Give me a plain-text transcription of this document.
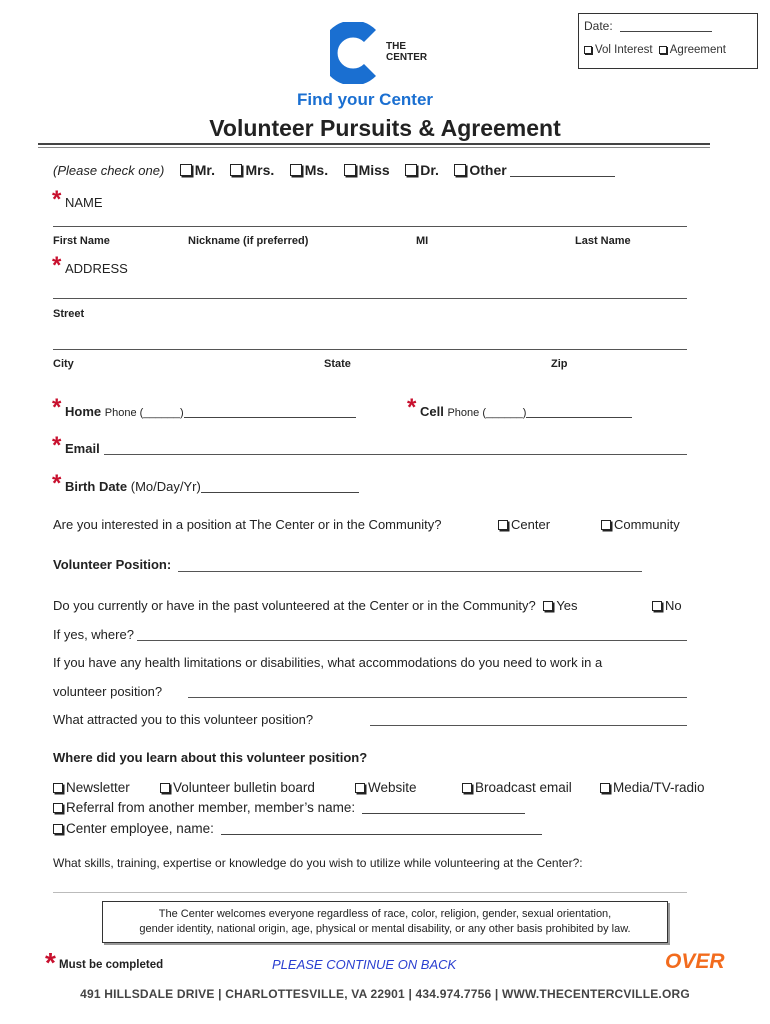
Date:
Vol Interest Agreement
THE
CENTER
Find your Center
Volunteer Pursuits & Agreement
(Please check one) Mr. Mrs. Ms. Miss Dr. Other
* NAME
First Name	Nickname (if preferred)	MI	Last Name
* ADDRESS
Street
City	State	Zip
* Home Phone (______)	* Cell Phone (______)
* Email
* Birth Date (Mo/Day/Yr)
Are you interested in a position at The Center or in the Community?	Center	Community
Volunteer Position:
Do you currently or have in the past volunteered at the Center or in the Community? Yes	No
If yes, where?
If you have any health limitations or disabilities, what accommodations do you need to work in a
volunteer position?
What attracted you to this volunteer position?
Where did you learn about this volunteer position?
Newsletter	Volunteer bulletin board	Website	Broadcast email	Media/TV-radio
Referral from another member, member’s name:
Center employee, name:
What skills, training, expertise or knowledge do you wish to utilize while volunteering at the Center?:
The Center welcomes everyone regardless of race, color, religion, gender, sexual orientation,
gender identity, national origin, age, physical or mental disability, or any other basis prohibited by law.
* Must be completed	PLEASE CONTINUE ON BACK	OVER
491 HILLSDALE DRIVE | CHARLOTTESVILLE, VA 22901 | 434.974.7756 | WWW.THECENTERCVILLE.ORG
